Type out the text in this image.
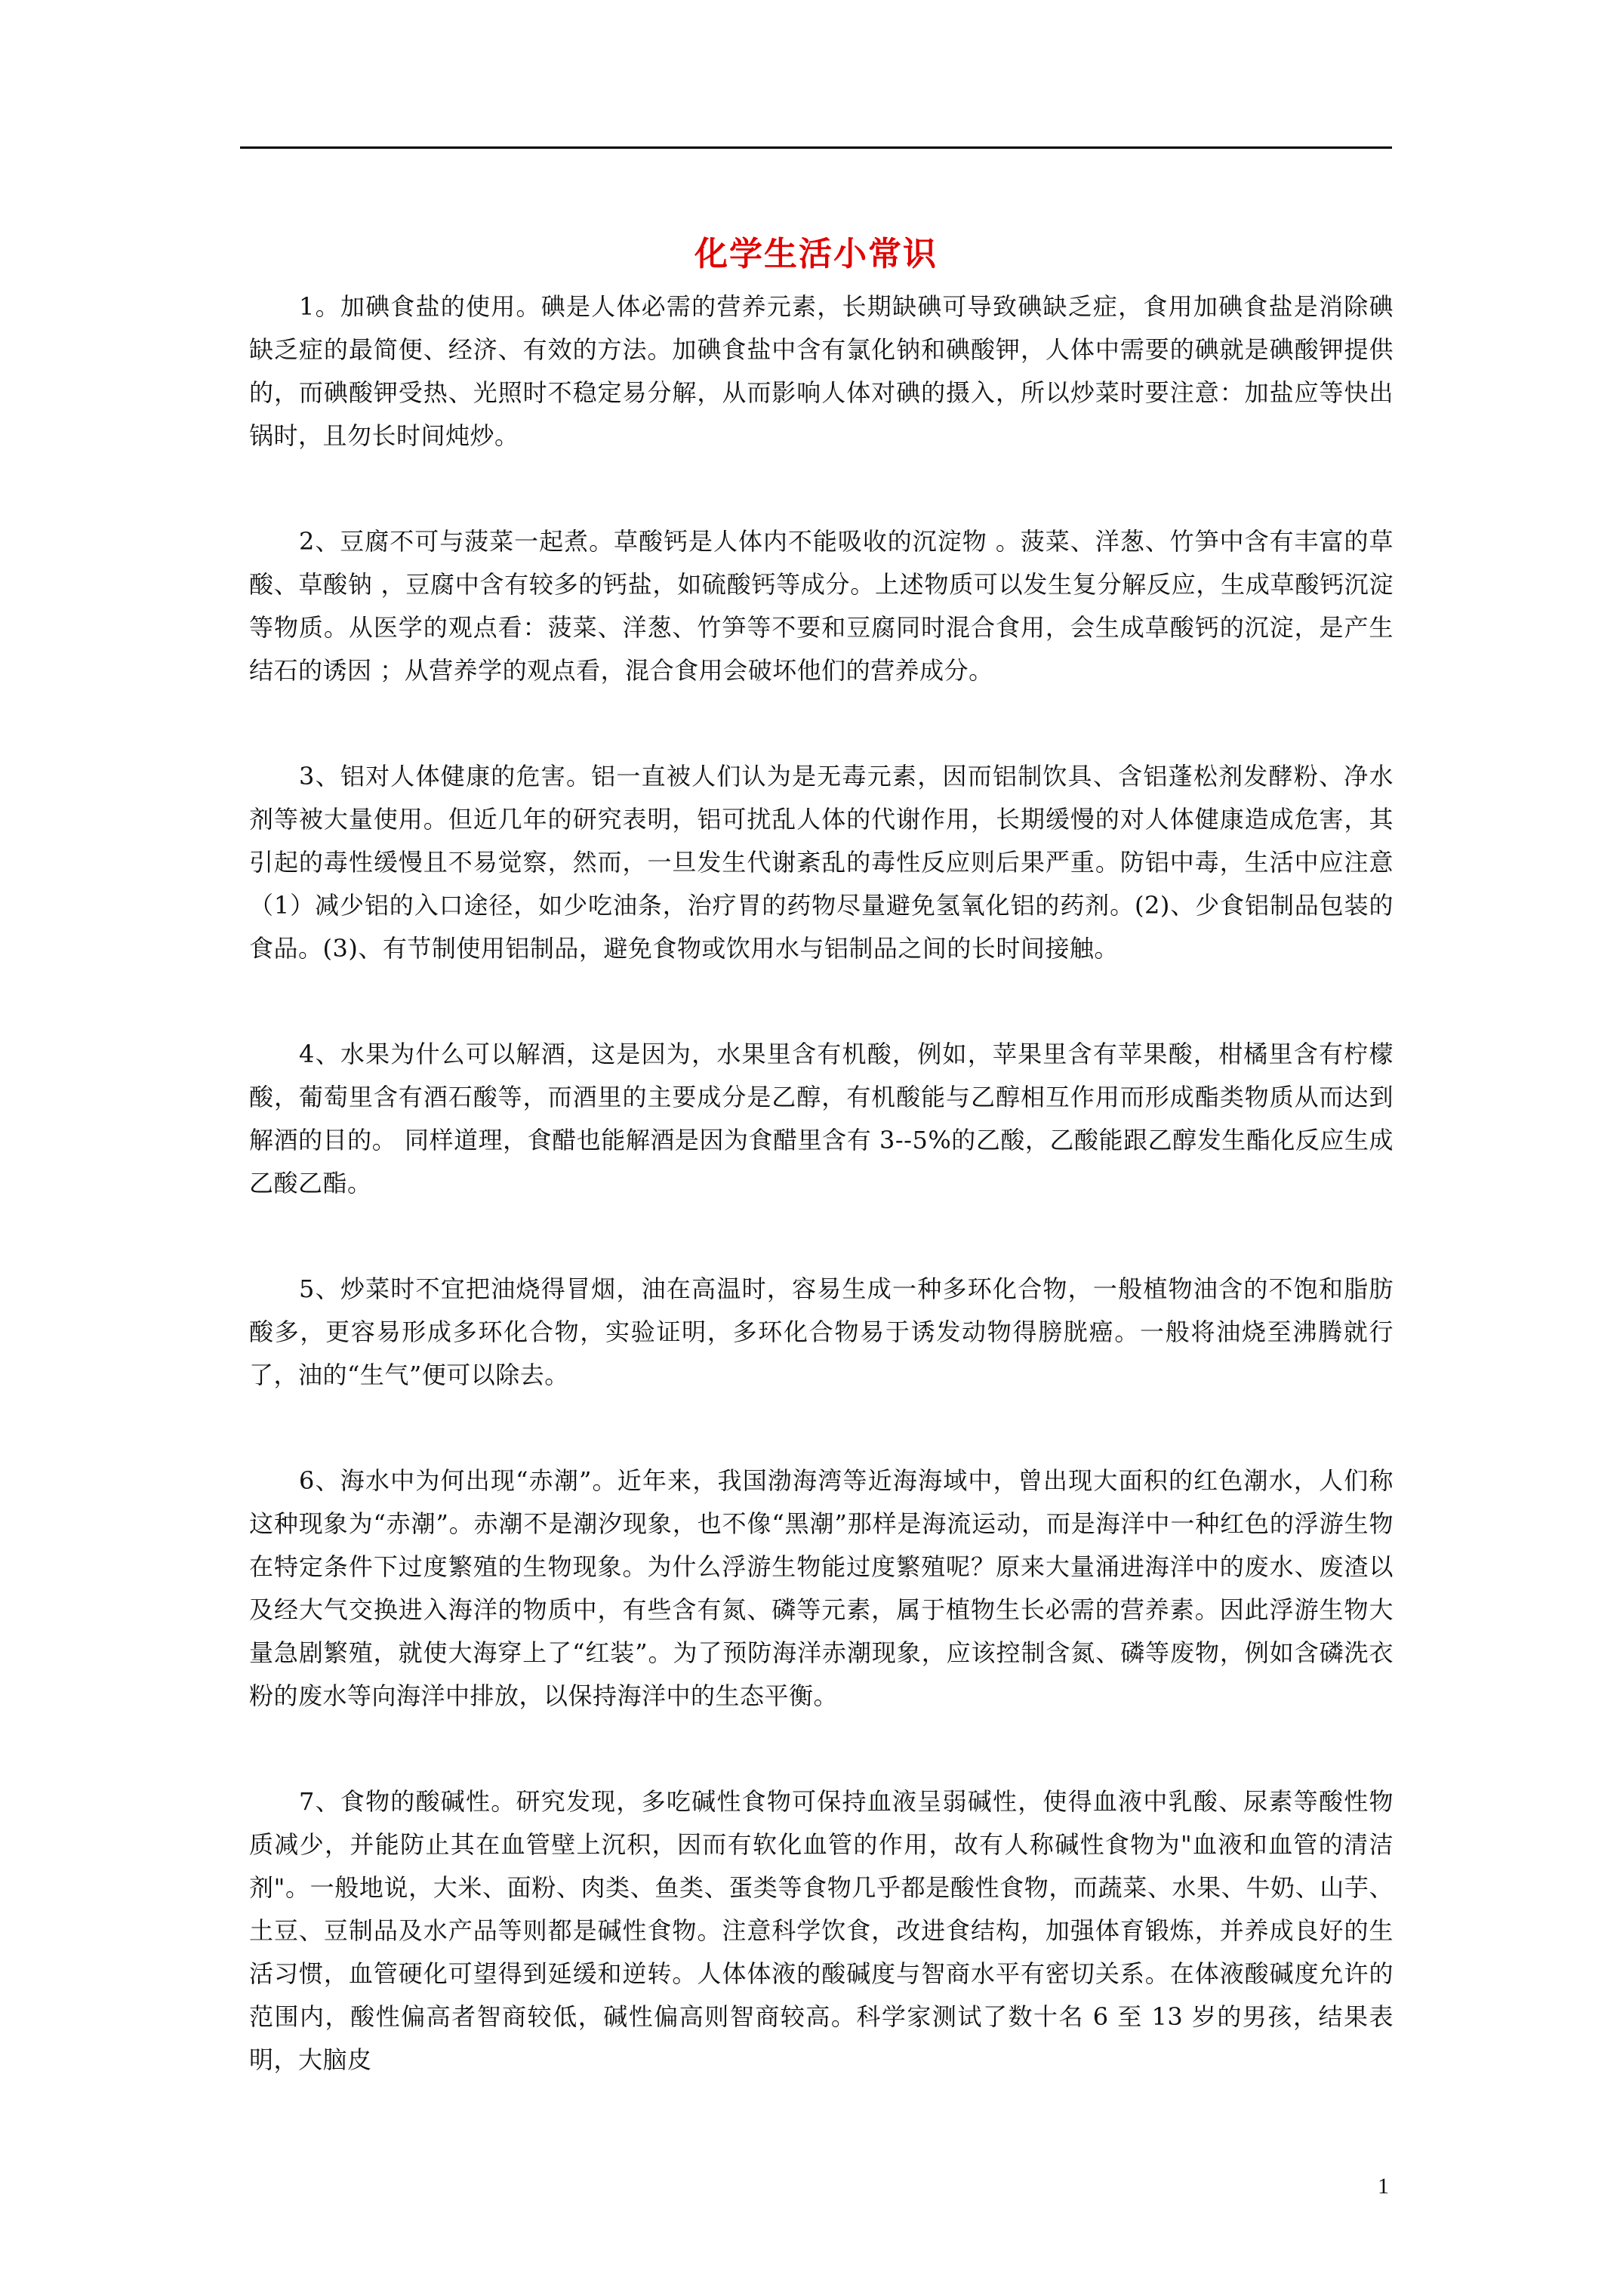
化学生活小常识

1。加碘食盐的使用。碘是人体必需的营养元素，长期缺碘可导致碘缺乏症，食用加碘食盐是消除碘缺乏症的最简便、经济、有效的方法。加碘食盐中含有氯化钠和碘酸钾，人体中需要的碘就是碘酸钾提供的，而碘酸钾受热、光照时不稳定易分解，从而影响人体对碘的摄入，所以炒菜时要注意：加盐应等快出锅时，且勿长时间炖炒。

2、豆腐不可与菠菜一起煮。草酸钙是人体内不能吸收的沉淀物 。菠菜、洋葱、竹笋中含有丰富的草酸、草酸钠 ，豆腐中含有较多的钙盐，如硫酸钙等成分。上述物质可以发生复分解反应，生成草酸钙沉淀等物质。从医学的观点看：菠菜、洋葱、竹笋等不要和豆腐同时混合食用，会生成草酸钙的沉淀，是产生结石的诱因 ；从营养学的观点看，混合食用会破坏他们的营养成分。

3、铝对人体健康的危害。铝一直被人们认为是无毒元素，因而铝制饮具、含铝蓬松剂发酵粉、净水剂等被大量使用。但近几年的研究表明，铝可扰乱人体的代谢作用，长期缓慢的对人体健康造成危害，其引起的毒性缓慢且不易觉察，然而，一旦发生代谢紊乱的毒性反应则后果严重。防铝中毒，生活中应注意（1）减少铝的入口途径，如少吃油条，治疗胃的药物尽量避免氢氧化铝的药剂。(2)、少食铝制品包装的食品。(3)、有节制使用铝制品，避免食物或饮用水与铝制品之间的长时间接触。

4、水果为什么可以解酒，这是因为，水果里含有机酸，例如，苹果里含有苹果酸，柑橘里含有柠檬酸，葡萄里含有酒石酸等，而酒里的主要成分是乙醇，有机酸能与乙醇相互作用而形成酯类物质从而达到解酒的目的。 同样道理，食醋也能解酒是因为食醋里含有 3--5%的乙酸，乙酸能跟乙醇发生酯化反应生成乙酸乙酯。

5、炒菜时不宜把油烧得冒烟，油在高温时，容易生成一种多环化合物，一般植物油含的不饱和脂肪酸多，更容易形成多环化合物，实验证明，多环化合物易于诱发动物得膀胱癌。一般将油烧至沸腾就行了，油的“生气”便可以除去。

6、海水中为何出现“赤潮”。近年来，我国渤海湾等近海海域中，曾出现大面积的红色潮水，人们称这种现象为“赤潮”。赤潮不是潮汐现象，也不像“黑潮”那样是海流运动，而是海洋中一种红色的浮游生物在特定条件下过度繁殖的生物现象。为什么浮游生物能过度繁殖呢？原来大量涌进海洋中的废水、废渣以及经大气交换进入海洋的物质中，有些含有氮、磷等元素，属于植物生长必需的营养素。因此浮游生物大量急剧繁殖，就使大海穿上了“红装”。为了预防海洋赤潮现象，应该控制含氮、磷等废物，例如含磷洗衣粉的废水等向海洋中排放，以保持海洋中的生态平衡。

7、食物的酸碱性。研究发现，多吃碱性食物可保持血液呈弱碱性，使得血液中乳酸、尿素等酸性物质减少，并能防止其在血管壁上沉积，因而有软化血管的作用，故有人称碱性食物为"血液和血管的清洁剂"。一般地说，大米、面粉、肉类、鱼类、蛋类等食物几乎都是酸性食物，而蔬菜、水果、牛奶、山芋、土豆、豆制品及水产品等则都是碱性食物。注意科学饮食，改进食结构，加强体育锻炼，并养成良好的生活习惯，血管硬化可望得到延缓和逆转。人体体液的酸碱度与智商水平有密切关系。在体液酸碱度允许的范围内，酸性偏高者智商较低，碱性偏高则智商较高。科学家测试了数十名 6 至 13 岁的男孩，结果表明，大脑皮

1
